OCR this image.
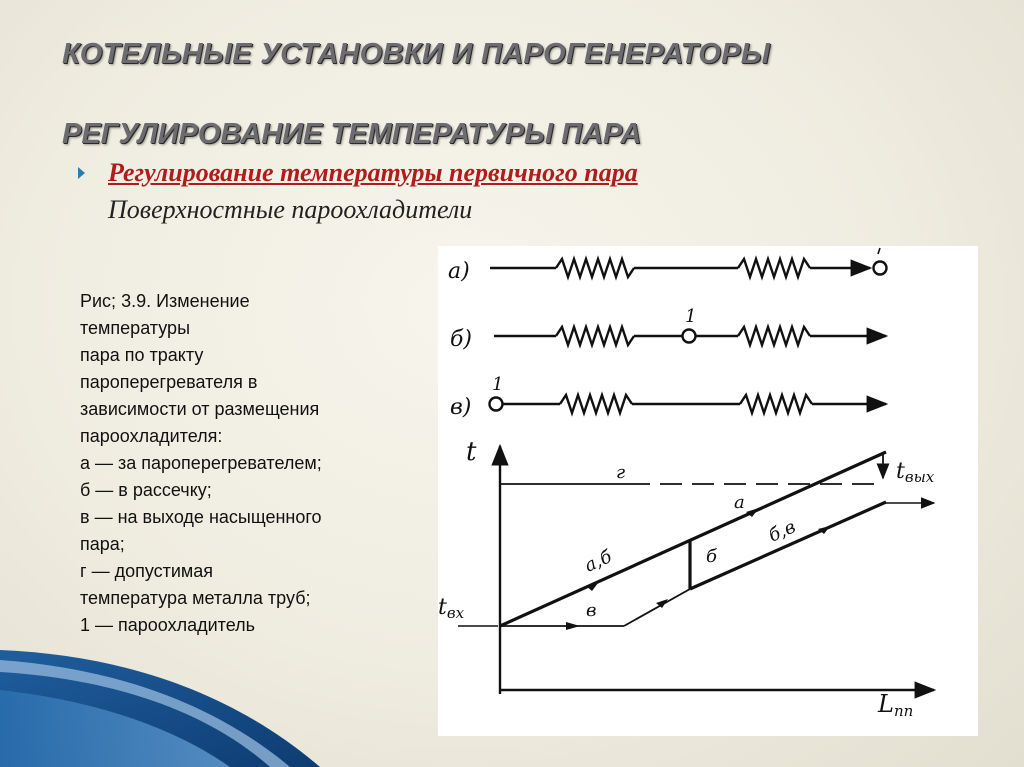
КОТЕЛЬНЫЕ УСТАНОВКИ И ПАРОГЕНЕРАТОРЫ
РЕГУЛИРОВАНИЕ ТЕМПЕРАТУРЫ ПАРА
Регулирование температуры первичного пара
Поверхностные пароохладители
Рис; 3.9. Изменение
температуры
пара по тракту
пароперегревателя в
зависимости от размещения
пароохладителя:
а — за пароперегревателем;
б — в рассечку;
в — на выходе насыщенного
пара;
г — допустимая
температура металла труб;
1 — пароохладитель
а)
б)
в)
1
1
t
Lпп
tвх
tвых
г
а,б
а
б
б,в
в
